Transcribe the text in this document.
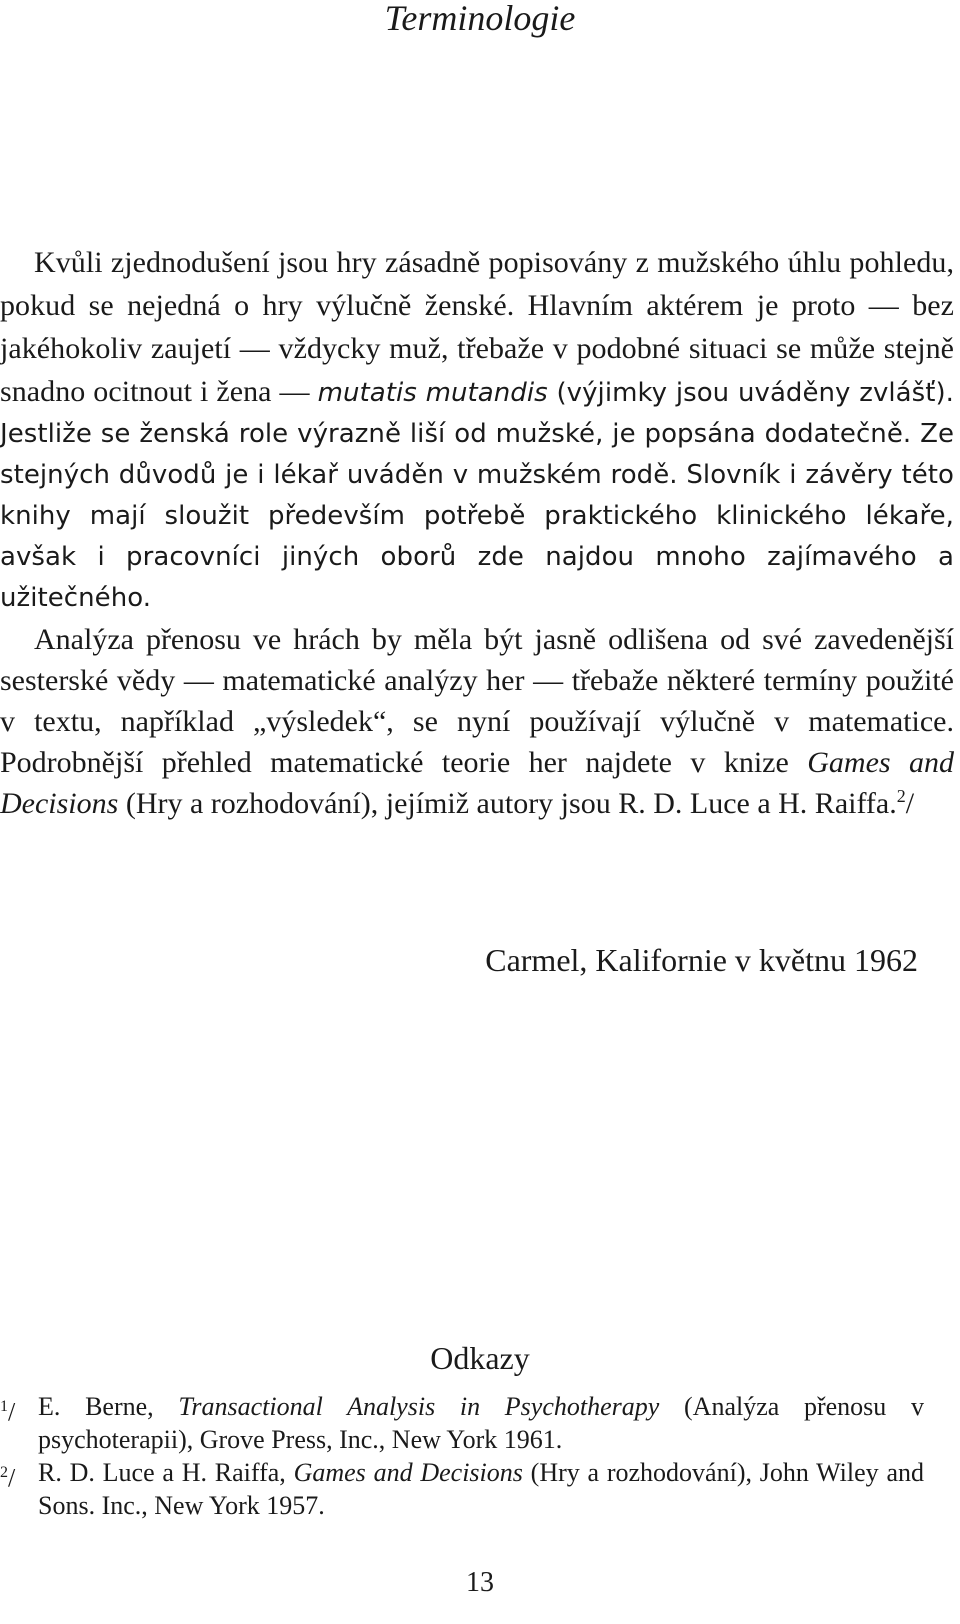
Terminologie

Kvůli zjednodušení jsou hry zásadně popisovány z mužského úhlu pohledu, pokud se nejedná o hry výlučně ženské. Hlavním aktérem je proto — bez jakéhokoliv zaujetí — vždycky muž, třebaže v podobné situaci se může stejně snadno ocitnout i žena — mutatis mutandis (výjimky jsou uváděny zvlášť). Jestliže se ženská role výrazně liší od mužské, je popsána dodatečně. Ze stejných důvodů je i lékař uváděn v mužském rodě. Slovník i závěry této knihy mají sloužit především potřebě praktického klinického lékaře, avšak i pracovníci jiných oborů zde najdou mnoho zajímavého a užitečného.

Analýza přenosu ve hrách by měla být jasně odlišena od své zavedenější sesterské vědy — matematické analýzy her — třebaže některé termíny použité v textu, například „výsledek“, se nyní používají výlučně v matematice. Podrobnější přehled matematické teorie her najdete v knize Games and Decisions (Hry a rozhodování), jejímiž autory jsou R. D. Luce a H. Raiffa.$^2$/

Carmel, Kalifornie v květnu 1962
Odkazy
$^1$/ E. Berne, Transactional Analysis in Psychotherapy (Analýza přenosu v psychoterapii), Grove Press, Inc., New York 1961.
$^2$/ R. D. Luce a H. Raiffa, Games and Decisions (Hry a rozhodování), John Wiley and Sons. Inc., New York 1957.
13
